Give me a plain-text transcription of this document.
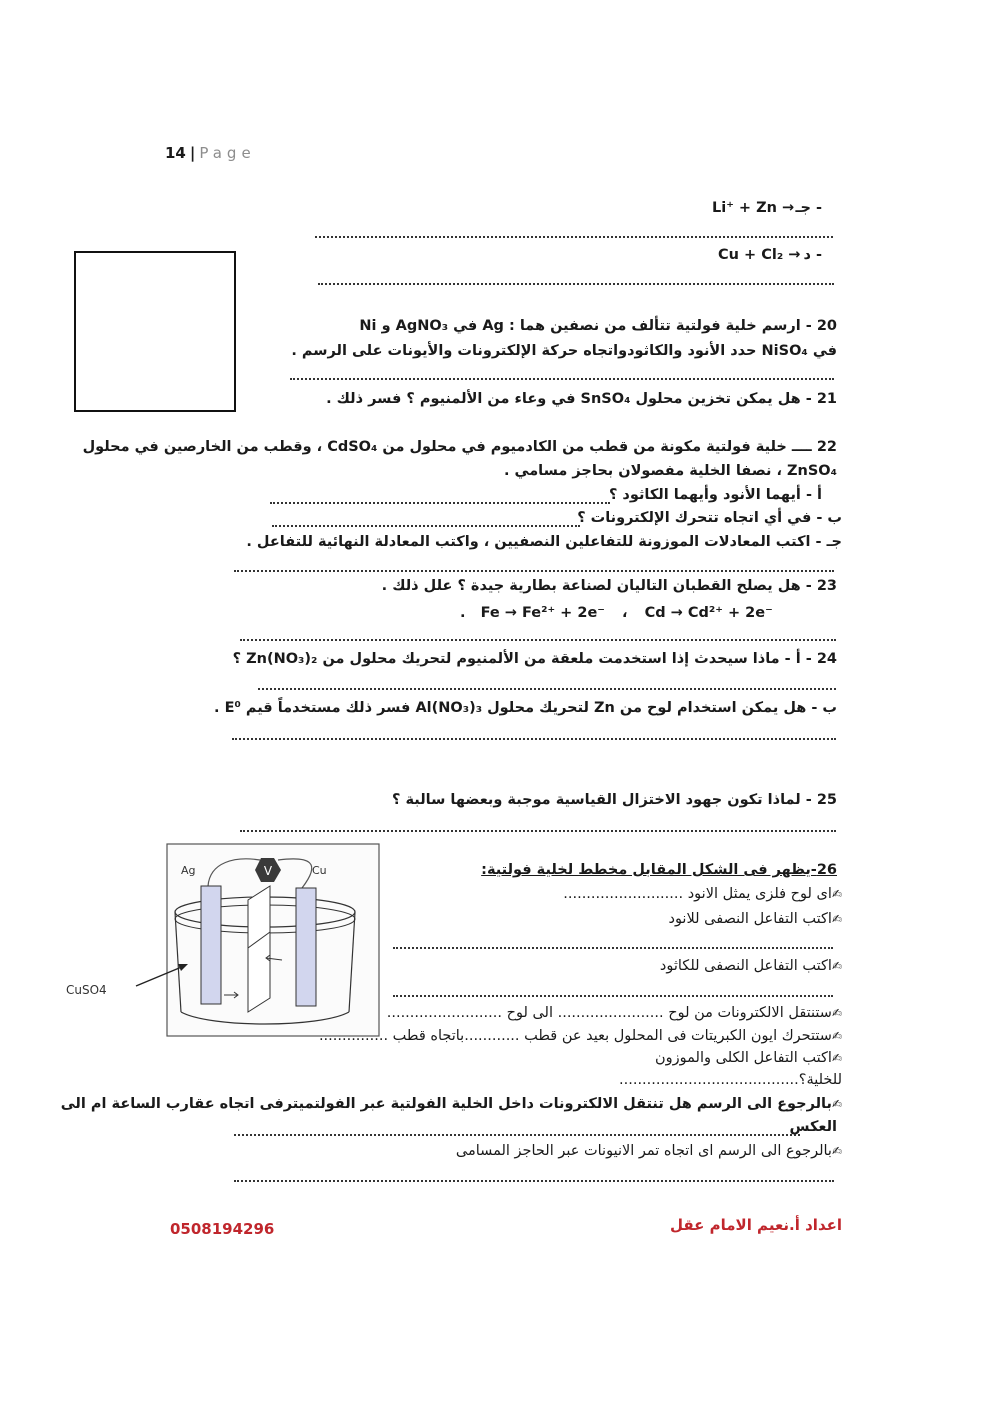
14 | Page
جـ -
Li⁺ + Zn →
د -
Cu + Cl₂ →
20 - ارسم خلية فولتية تتألف من نصفين هما : Ag في AgNO₃ و Ni
في NiSO₄ حدد الأنود والكاثودواتجاه حركة الإلكترونات والأيونات على الرسم .
21 - هل يمكن تخزين محلول SnSO₄ في وعاء من الألمنيوم ؟ فسر ذلك .
22 ــــ خلية فولتية مكونة من قطب من الكادميوم في محلول من CdSO₄ ، وقطب من الخارصين في محلول
ZnSO₄ ، نصفا الخلية مفصولان بحاجز مسامي .
أ - أيهما الأنود وأيهما الكاثود ؟
ب - في أي اتجاه تتحرك الإلكترونات ؟
جـ - اكتب المعادلات الموزونة للتفاعلين النصفيين ، واكتب المعادلة النهائية للتفاعل .
23 - هل يصلح القطبان التاليان لصناعة بطارية جيدة ؟ علل ذلك .
. Fe → Fe²⁺ + 2e⁻ ، Cd → Cd²⁺ + 2e⁻
24 - أ - ماذا سيحدث إذا استخدمت ملعقة من الألمنيوم لتحريك محلول من Zn(NO₃)₂ ؟
ب - هل يمكن استخدام لوح من Zn لتحريك محلول Al(NO₃)₃ فسر ذلك مستخدماً قيم E⁰ .
25 - لماذا تكون جهود الاختزال القياسية موجبة وبعضها سالبة ؟
V
Ag	Cu
CuSO4
26-يظهر فى الشكل المقابل مخطط لخلية فولتية:
✍اى لوح فلزى يمثل الانود ..........................
✍اكتب التفاعل النصفى للانود
✍اكتب التفاعل النصفى للكاثود
✍ستنتقل الالكترونات من لوح ....................... الى لوح .........................
✍ستتحرك ايون الكبريتات فى المحلول بعيد عن قطب ............باتجاه قطب ...............
✍اكتب التفاعل الكلى والموزون
للخلية؟.......................................
✍بالرجوع الى الرسم هل تنتقل الالكترونات داخل الخلية الفولتية عبر الفولتميترفى اتجاه عقارب الساعة ام الى
العكس
✍بالرجوع الى الرسم اى اتجاه تمر الانيونات عبر الحاجز المسامى
اعداد أ.نعيم الامام عقل
0508194296
